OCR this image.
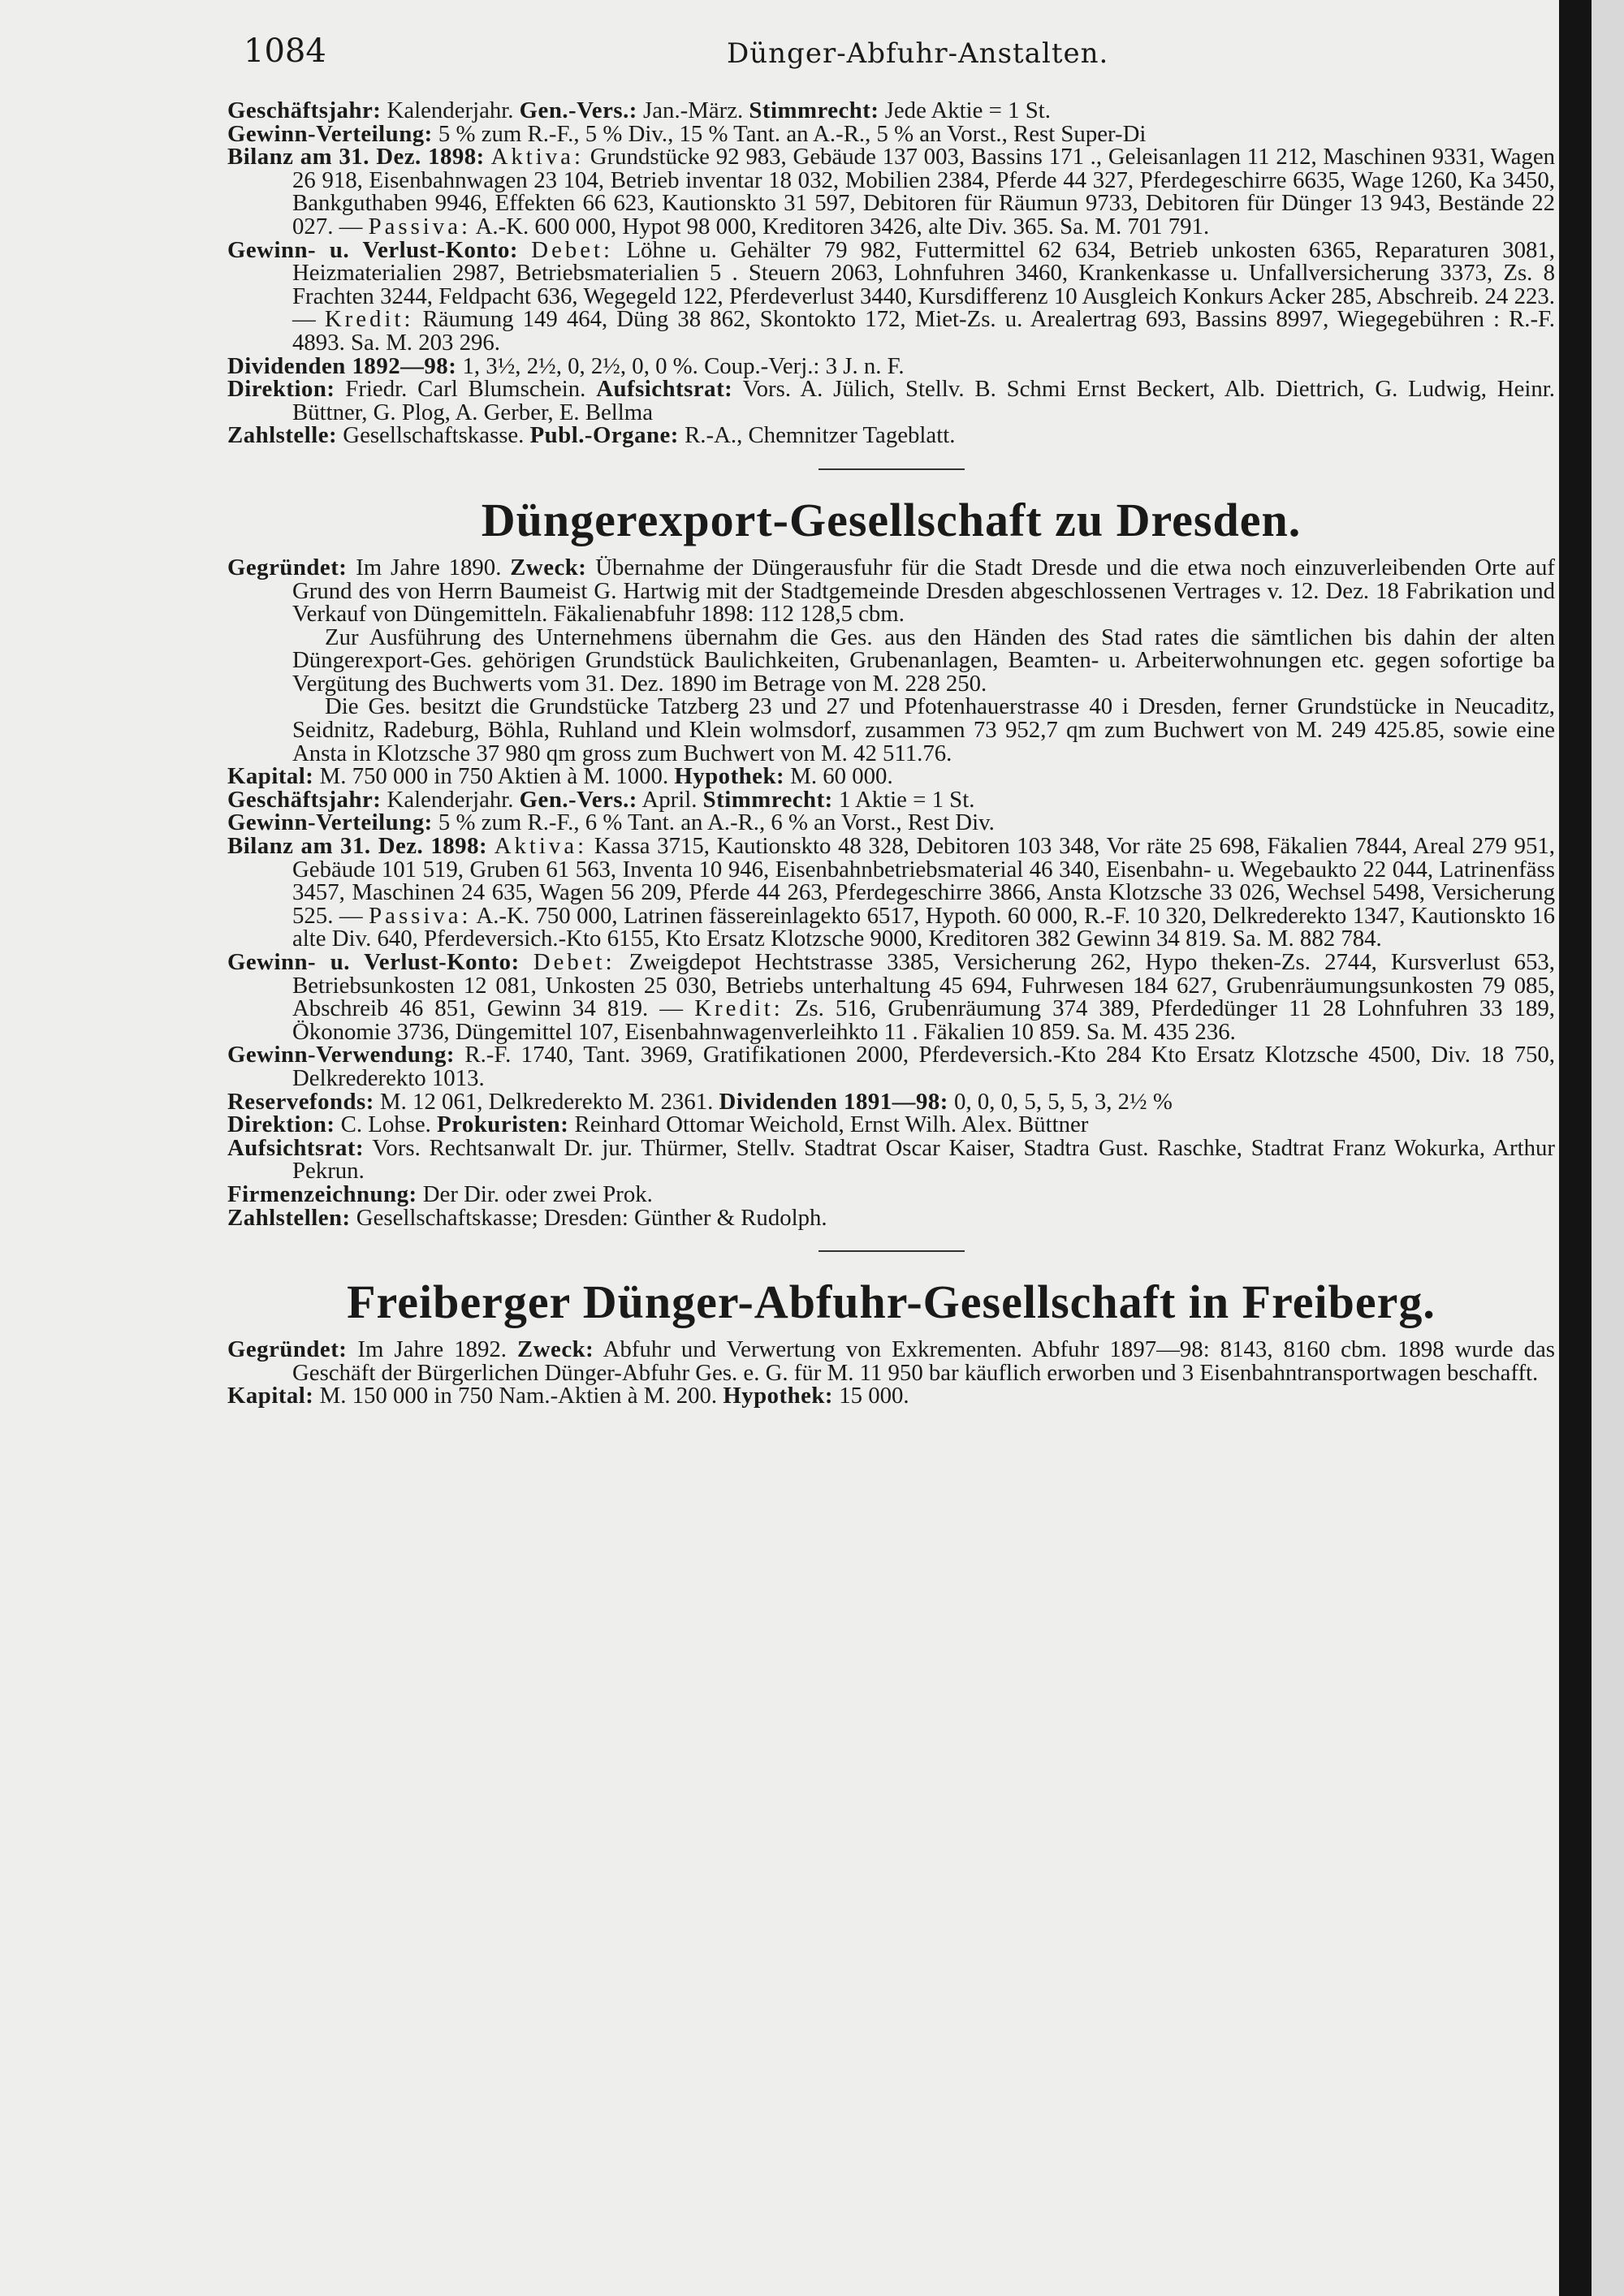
1084	Dünger-Abfuhr-Anstalten.

Geschäftsjahr: Kalenderjahr. Gen.-Vers.: Jan.-März. Stimmrecht: Jede Aktie = 1 St.

Gewinn-Verteilung: 5 % zum R.-F., 5 % Div., 15 % Tant. an A.-R., 5 % an Vorst., Rest Super-Di

Bilanz am 31. Dez. 1898: Aktiva: Grundstücke 92 983, Gebäude 137 003, Bassins 171 ., Geleisanlagen 11 212, Maschinen 9331, Wagen 26 918, Eisenbahnwagen 23 104, Betrieb inventar 18 032, Mobilien 2384, Pferde 44 327, Pferdegeschirre 6635, Wage 1260, Ka 3450, Bankguthaben 9946, Effekten 66 623, Kautionskto 31 597, Debitoren für Räumun 9733, Debitoren für Dünger 13 943, Bestände 22 027. — Passiva: A.-K. 600 000, Hypot 98 000, Kreditoren 3426, alte Div. 365. Sa. M. 701 791.

Gewinn- u. Verlust-Konto: Debet: Löhne u. Gehälter 79 982, Futtermittel 62 634, Betrieb unkosten 6365, Reparaturen 3081, Heizmaterialien 2987, Betriebsmaterialien 5 . Steuern 2063, Lohnfuhren 3460, Krankenkasse u. Unfallversicherung 3373, Zs. 8 Frachten 3244, Feldpacht 636, Wegegeld 122, Pferdeverlust 3440, Kursdifferenz 10 Ausgleich Konkurs Acker 285, Abschreib. 24 223. — Kredit: Räumung 149 464, Düng 38 862, Skontokto 172, Miet-Zs. u. Arealertrag 693, Bassins 8997, Wiegegebühren : R.-F. 4893. Sa. M. 203 296.

Dividenden 1892—98: 1, 3½, 2½, 0, 2½, 0, 0 %. Coup.-Verj.: 3 J. n. F.

Direktion: Friedr. Carl Blumschein. Aufsichtsrat: Vors. A. Jülich, Stellv. B. Schmi Ernst Beckert, Alb. Diettrich, G. Ludwig, Heinr. Büttner, G. Plog, A. Gerber, E. Bellma

Zahlstelle: Gesellschaftskasse. Publ.-Organe: R.-A., Chemnitzer Tageblatt.

Düngerexport-Gesellschaft zu Dresden.

Gegründet: Im Jahre 1890. Zweck: Übernahme der Düngerausfuhr für die Stadt Dresde und die etwa noch einzuverleibenden Orte auf Grund des von Herrn Baumeist G. Hartwig mit der Stadtgemeinde Dresden abgeschlossenen Vertrages v. 12. Dez. 18 Fabrikation und Verkauf von Düngemitteln. Fäkalienabfuhr 1898: 112 128,5 cbm.

Zur Ausführung des Unternehmens übernahm die Ges. aus den Händen des Stad rates die sämtlichen bis dahin der alten Düngerexport-Ges. gehörigen Grundstück Baulichkeiten, Grubenanlagen, Beamten- u. Arbeiterwohnungen etc. gegen sofortige ba Vergütung des Buchwerts vom 31. Dez. 1890 im Betrage von M. 228 250.

Die Ges. besitzt die Grundstücke Tatzberg 23 und 27 und Pfotenhauerstrasse 40 i Dresden, ferner Grundstücke in Neucaditz, Seidnitz, Radeburg, Böhla, Ruhland und Klein wolmsdorf, zusammen 73 952,7 qm zum Buchwert von M. 249 425.85, sowie eine Ansta in Klotzsche 37 980 qm gross zum Buchwert von M. 42 511.76.

Kapital: M. 750 000 in 750 Aktien à M. 1000. Hypothek: M. 60 000.

Geschäftsjahr: Kalenderjahr. Gen.-Vers.: April. Stimmrecht: 1 Aktie = 1 St.

Gewinn-Verteilung: 5 % zum R.-F., 6 % Tant. an A.-R., 6 % an Vorst., Rest Div.

Bilanz am 31. Dez. 1898: Aktiva: Kassa 3715, Kautionskto 48 328, Debitoren 103 348, Vor räte 25 698, Fäkalien 7844, Areal 279 951, Gebäude 101 519, Gruben 61 563, Inventa 10 946, Eisenbahnbetriebsmaterial 46 340, Eisenbahn- u. Wegebaukto 22 044, Latrinenfäss 3457, Maschinen 24 635, Wagen 56 209, Pferde 44 263, Pferdegeschirre 3866, Ansta Klotzsche 33 026, Wechsel 5498, Versicherung 525. — Passiva: A.-K. 750 000, Latrinen fässereinlagekto 6517, Hypoth. 60 000, R.-F. 10 320, Delkrederekto 1347, Kautionskto 16 alte Div. 640, Pferdeversich.-Kto 6155, Kto Ersatz Klotzsche 9000, Kreditoren 382 Gewinn 34 819. Sa. M. 882 784.

Gewinn- u. Verlust-Konto: Debet: Zweigdepot Hechtstrasse 3385, Versicherung 262, Hypo theken-Zs. 2744, Kursverlust 653, Betriebsunkosten 12 081, Unkosten 25 030, Betriebs unterhaltung 45 694, Fuhrwesen 184 627, Grubenräumungsunkosten 79 085, Abschreib 46 851, Gewinn 34 819. — Kredit: Zs. 516, Grubenräumung 374 389, Pferdedünger 11 28 Lohnfuhren 33 189, Ökonomie 3736, Düngemittel 107, Eisenbahnwagenverleihkto 11 . Fäkalien 10 859. Sa. M. 435 236.

Gewinn-Verwendung: R.-F. 1740, Tant. 3969, Gratifikationen 2000, Pferdeversich.-Kto 284 Kto Ersatz Klotzsche 4500, Div. 18 750, Delkrederekto 1013.

Reservefonds: M. 12 061, Delkrederekto M. 2361. Dividenden 1891—98: 0, 0, 0, 5, 5, 5, 3, 2½ %

Direktion: C. Lohse. Prokuristen: Reinhard Ottomar Weichold, Ernst Wilh. Alex. Büttner

Aufsichtsrat: Vors. Rechtsanwalt Dr. jur. Thürmer, Stellv. Stadtrat Oscar Kaiser, Stadtra Gust. Raschke, Stadtrat Franz Wokurka, Arthur Pekrun.

Firmenzeichnung: Der Dir. oder zwei Prok.

Zahlstellen: Gesellschaftskasse; Dresden: Günther & Rudolph.

Freiberger Dünger-Abfuhr-Gesellschaft in Freiberg.

Gegründet: Im Jahre 1892. Zweck: Abfuhr und Verwertung von Exkrementen. Abfuhr 1897—98: 8143, 8160 cbm. 1898 wurde das Geschäft der Bürgerlichen Dünger-Abfuhr Ges. e. G. für M. 11 950 bar käuflich erworben und 3 Eisenbahntransportwagen beschafft.

Kapital: M. 150 000 in 750 Nam.-Aktien à M. 200. Hypothek: 15 000.
